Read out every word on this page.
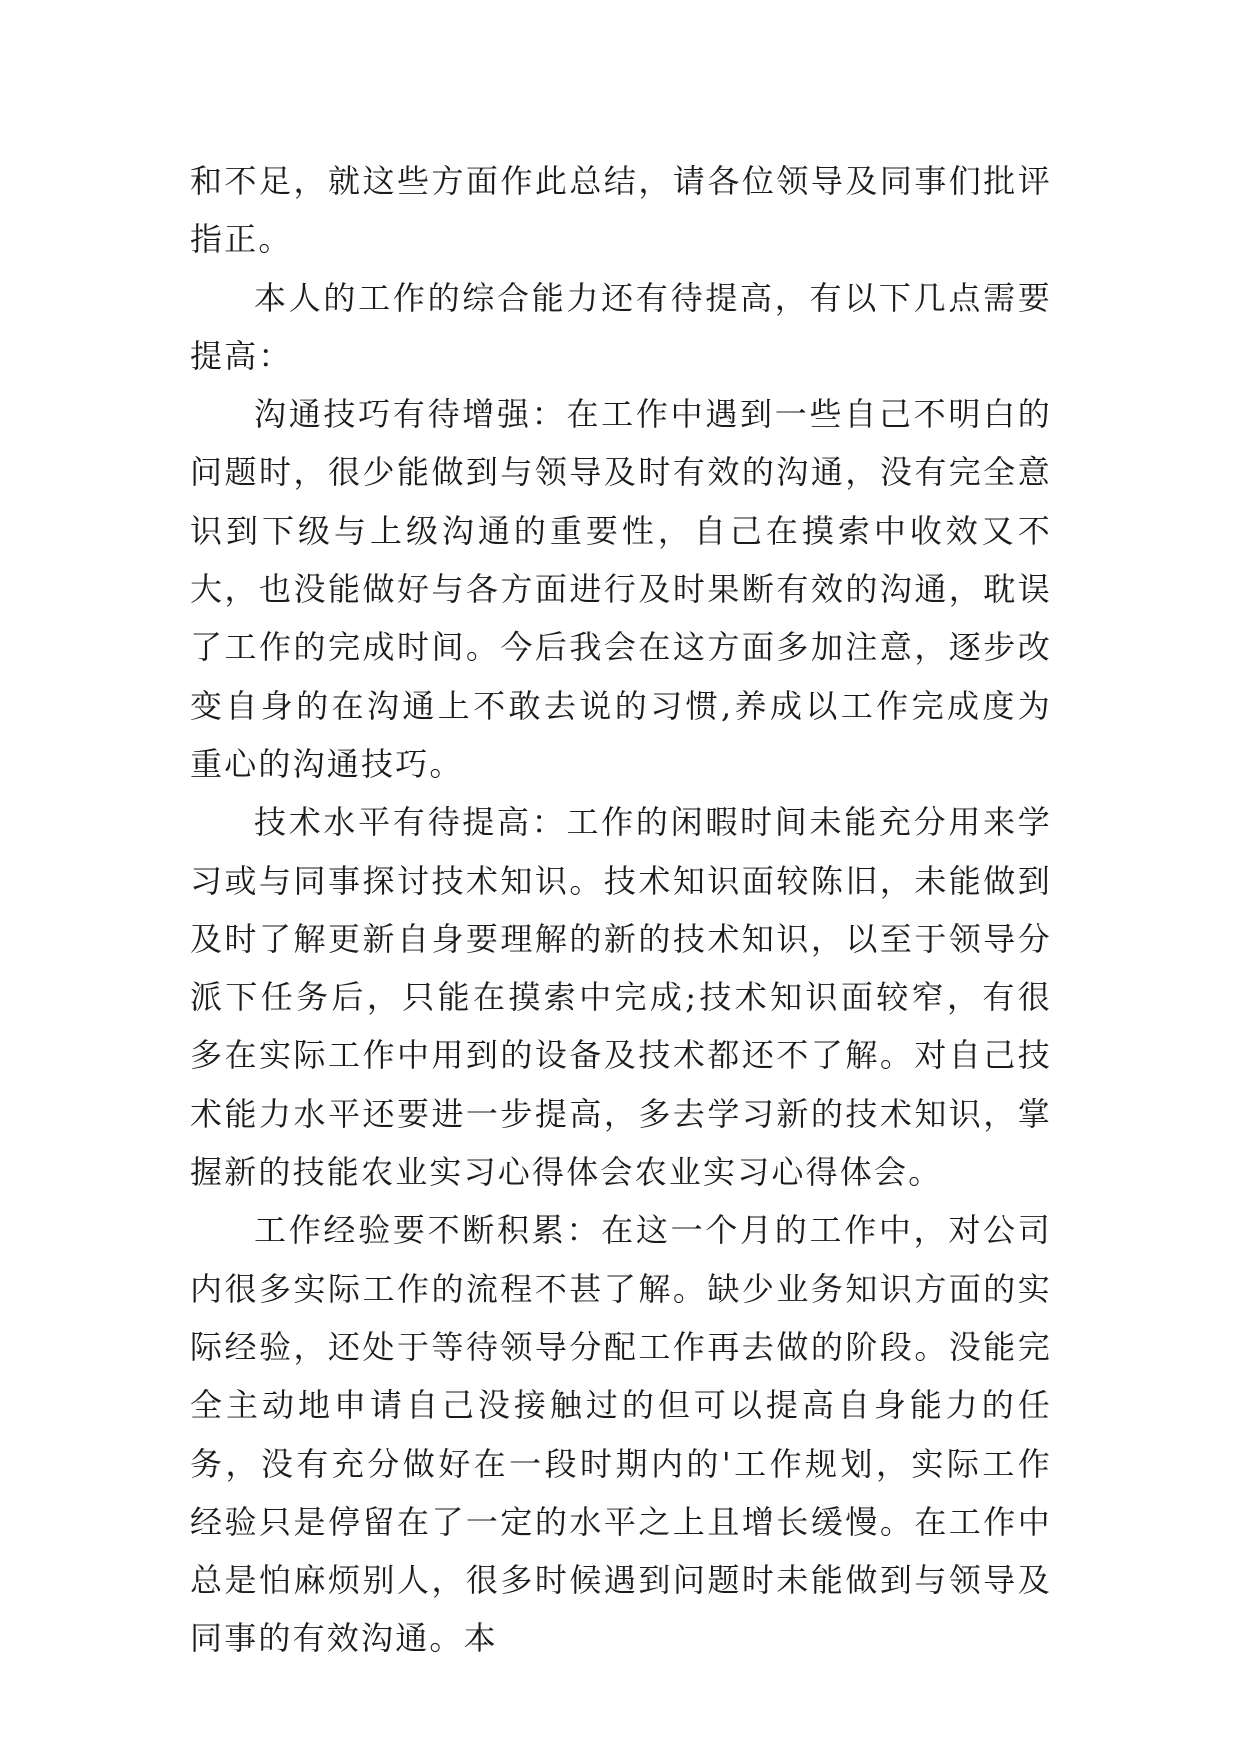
和不足，就这些方面作此总结，请各位领导及同事们批评指正。

本人的工作的综合能力还有待提高，有以下几点需要提高：

沟通技巧有待增强：在工作中遇到一些自己不明白的问题时，很少能做到与领导及时有效的沟通，没有完全意识到下级与上级沟通的重要性，自己在摸索中收效又不大，也没能做好与各方面进行及时果断有效的沟通，耽误了工作的完成时间。今后我会在这方面多加注意，逐步改变自身的在沟通上不敢去说的习惯,养成以工作完成度为重心的沟通技巧。

技术水平有待提高：工作的闲暇时间未能充分用来学习或与同事探讨技术知识。技术知识面较陈旧，未能做到及时了解更新自身要理解的新的技术知识，以至于领导分派下任务后，只能在摸索中完成;技术知识面较窄，有很多在实际工作中用到的设备及技术都还不了解。对自己技术能力水平还要进一步提高，多去学习新的技术知识，掌握新的技能农业实习心得体会农业实习心得体会。

工作经验要不断积累：在这一个月的工作中，对公司内很多实际工作的流程不甚了解。缺少业务知识方面的实际经验，还处于等待领导分配工作再去做的阶段。没能完全主动地申请自己没接触过的但可以提高自身能力的任务，没有充分做好在一段时期内的'工作规划，实际工作经验只是停留在了一定的水平之上且增长缓慢。在工作中总是怕麻烦别人，很多时候遇到问题时未能做到与领导及同事的有效沟通。本
